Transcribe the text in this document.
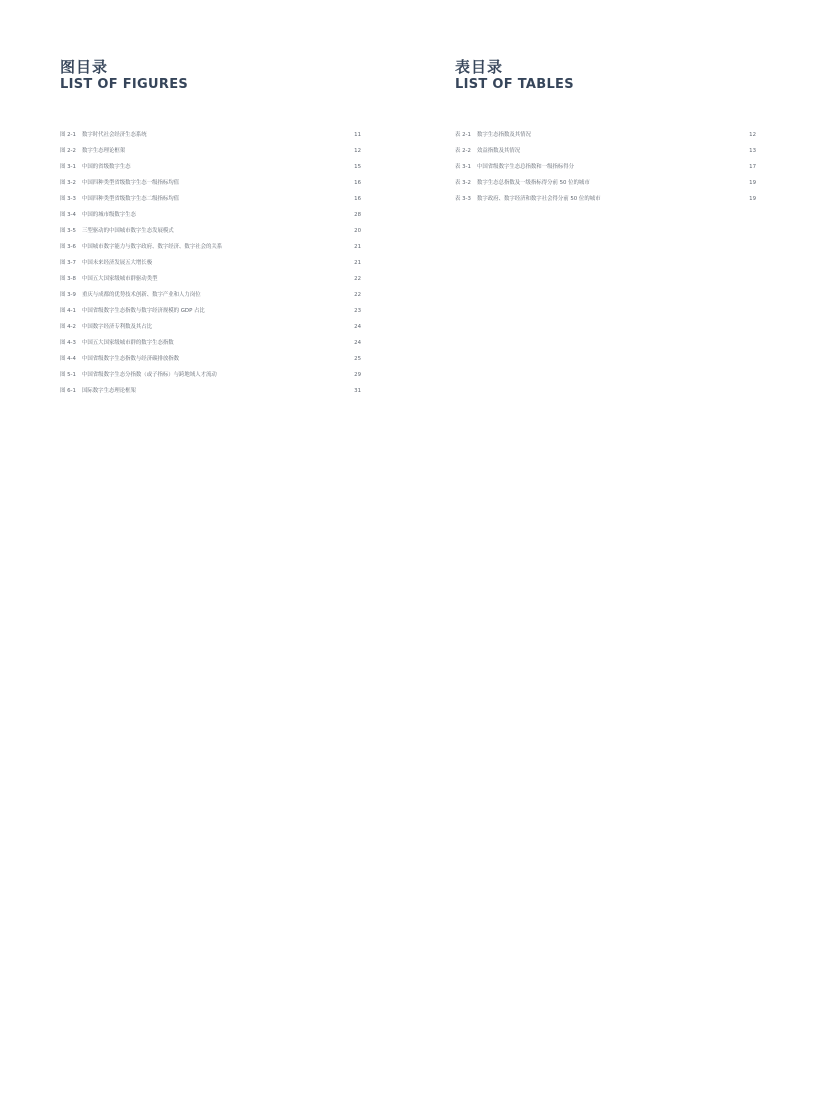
图目录
LIST OF FIGURES
图 2-1	数字时代社会经济生态系统	11
图 2-2	数字生态理论框架	12
图 3-1	中国的省级数字生态	15
图 3-2	中国四种类型省级数字生态一级指标均值	16
图 3-3	中国四种类型省级数字生态二级指标均值	16
图 3-4	中国的城市级数字生态	28
图 3-5	三型驱动的中国城市数字生态发展模式	20
图 3-6	中国城市数字能力与数字政府、数字经济、数字社会的关系	21
图 3-7	中国未来经济发展五大增长极	21
图 3-8	中国五大国家级城市群驱动类型	22
图 3-9	重庆与成都的优势技术创新、数字产业和人力岗位	22
图 4-1	中国省级数字生态指数与数字经济规模的 GDP 占比	23
图 4-2	中国数字经济专利数及其占比	24
图 4-3	中国五大国家级城市群的数字生态指数	24
图 4-4	中国省级数字生态指数与经济碳排放指数	25
图 5-1	中国省级数字生态分指数（或子指标）与跨地域人才流动	29
图 6-1	国际数字生态理论框架	31
表目录
LIST OF TABLES
表 2-1	数字生态指数及其情况	12
表 2-2	效益指数及其情况	13
表 3-1	中国省级数字生态总指数和一级指标得分	17
表 3-2	数字生态总指数及一级指标得分前 50 位的城市	19
表 3-3	数字政府、数字经济和数字社会得分前 50 位的城市	19
